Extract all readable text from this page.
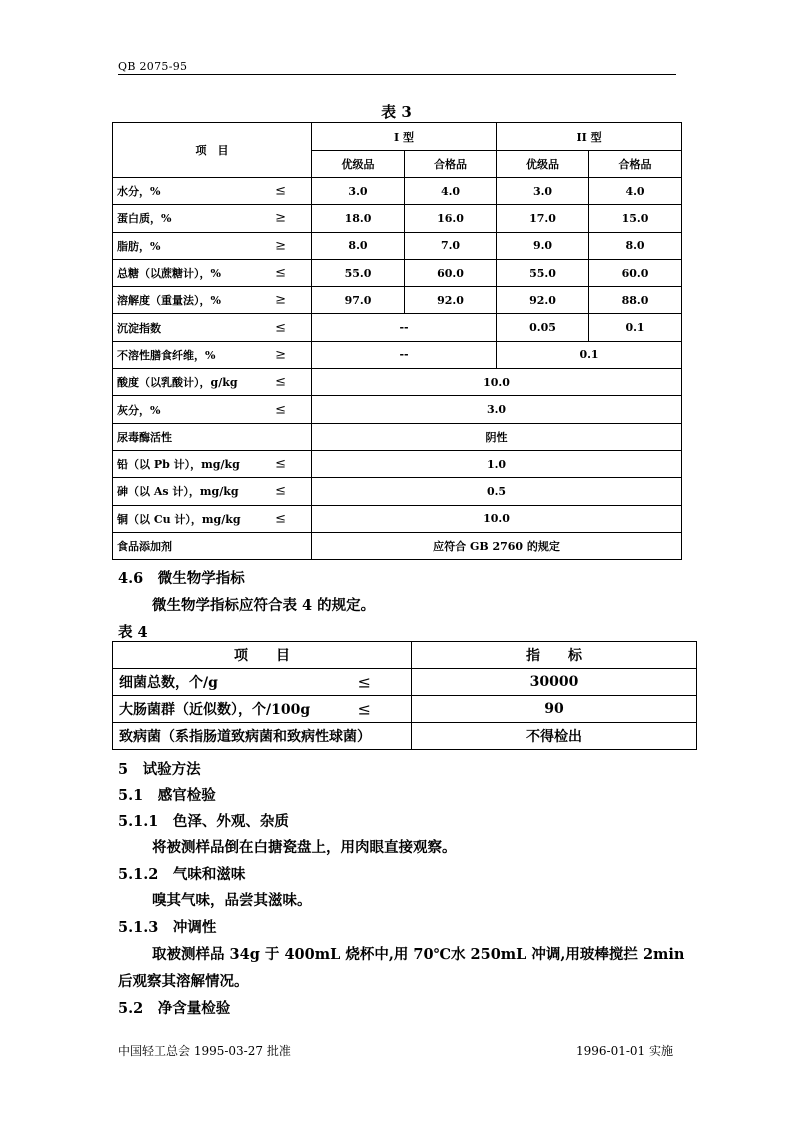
QB 2075-95
表 3
项　目	I 型		II 型	
	优级品	合格品	优级品	合格品
水分，% ≤	3.0	4.0	3.0	4.0
蛋白质，% ≥	18.0	16.0	17.0	15.0
脂肪，% ≥	8.0	7.0	9.0	8.0
总糖（以蔗糖计），% ≤	55.0	60.0	55.0	60.0
溶解度（重量法），% ≥	97.0	92.0	92.0	88.0
沉淀指数 ≤	--		0.05	0.1
不溶性膳食纤维，% ≥	--		0.1	
酸度（以乳酸计），g/kg ≤	10.0			
灰分，% ≤	3.0			
尿毒酶活性	阴性			
铅（以 Pb 计），mg/kg ≤	1.0			
砷（以 As 计），mg/kg ≤	0.5			
铜（以 Cu 计），mg/kg ≤	10.0			
食品添加剂	应符合 GB 2760 的规定			
4.6　微生物学指标
微生物学指标应符合表 4 的规定。
表 4
项　　目	指　　标
细菌总数，个/g ≤	30000
大肠菌群（近似数），个/100g ≤	90
致病菌（系指肠道致病菌和致病性球菌）	不得检出
5　试验方法
5.1　感官检验
5.1.1　色泽、外观、杂质
将被测样品倒在白搪瓷盘上，用肉眼直接观察。
5.1.2　气味和滋味
嗅其气味，品尝其滋味。
5.1.3　冲调性
取被测样品 34g 于 400mL 烧杯中,用 70℃水 250mL 冲调,用玻棒搅拦 2min
后观察其溶解情况。
5.2　净含量检验
中国轻工总会 1995-03-27 批准	1996-01-01 实施
